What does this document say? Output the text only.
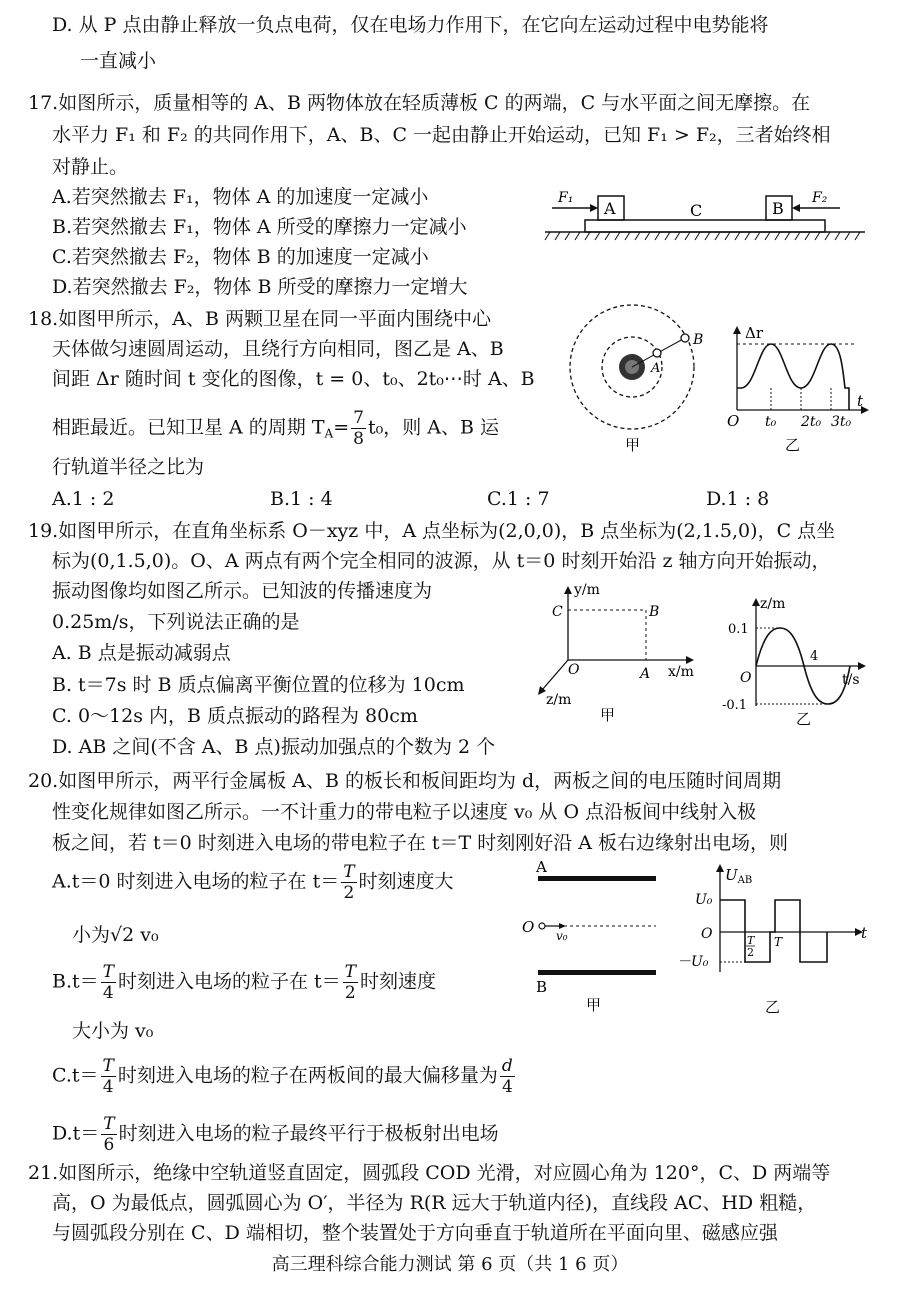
D. 从 P 点由静止释放一负点电荷，仅在电场力作用下，在它向左运动过程中电势能将
一直减小
17.如图所示，质量相等的 A、B 两物体放在轻质薄板 C 的两端，C 与水平面之间无摩擦。在
水平力 F₁ 和 F₂ 的共同作用下，A、B、C 一起由静止开始运动，已知 F₁ > F₂，三者始终相
对静止。
A.若突然撤去 F₁，物体 A 的加速度一定减小
B.若突然撤去 F₁，物体 A 所受的摩擦力一定减小
C.若突然撤去 F₂，物体 B 的加速度一定减小
D.若突然撤去 F₂，物体 B 所受的摩擦力一定增大
F₁	F₂
A	B
C
18.如图甲所示，A、B 两颗卫星在同一平面内围绕中心
天体做匀速圆周运动，且绕行方向相同，图乙是 A、B
间距 Δr 随时间 t 变化的图像，t = 0、t₀、2t₀⋯时 A、B
相距最近。已知卫星 A 的周期 $T_A= \frac{7}{8} t_0$，则 A、B 运
行轨道半径之比为
A.1 : 2	B.1 : 4	C.1 : 7	D.1 : 8
A
B
甲
Δr
t
O t₀ 2t₀ 3t₀
乙
19.如图甲所示，在直角坐标系 O－xyz 中，A 点坐标为(2,0,0)，B 点坐标为(2,1.5,0)，C 点坐
标为(0,1.5,0)。O、A 两点有两个完全相同的波源，从 t＝0 时刻开始沿 z 轴方向开始振动，
振动图像均如图乙所示。已知波的传播速度为
0.25m/s，下列说法正确的是
A. B 点是振动减弱点
B. t＝7s 时 B 质点偏离平衡位置的位移为 10cm
C. 0～12s 内，B 质点振动的路程为 80cm
D. AB 之间(不含 A、B 点)振动加强点的个数为 2 个
y/m
x/m
z/m
O	A
B
C
甲
z/m
t/s
O
0.1
-0.1
4
乙
20.如图甲所示，两平行金属板 A、B 的板长和板间距均为 d，两板之间的电压随时间周期
性变化规律如图乙所示。一不计重力的带电粒子以速度 v₀ 从 O 点沿板间中线射入极
板之间，若 t＝0 时刻进入电场的带电粒子在 t＝T 时刻刚好沿 A 板右边缘射出电场，则
A.t＝0 时刻进入电场的粒子在 $t= \frac{T}{2}$ 时刻速度大
小为√2 v₀
$B.t= \frac{T}{4}$ 时刻进入电场的粒子在 $t= \frac{T}{2}$ 时刻速度
大小为 v₀
$C.t= \frac{T}{4}$ 时刻进入电场的粒子在两板间的最大偏移量为 $\frac{d}{4}$
$D.t= \frac{T}{6}$ 时刻进入电场的粒子最终平行于极板射出电场
A
B
O v₀
甲
$U_{AB}$
t
U₀
－U₀
O	T
2
T
乙
21.如图所示，绝缘中空轨道竖直固定，圆弧段 COD 光滑，对应圆心角为 120°，C、D 两端等
高，O 为最低点，圆弧圆心为 O′，半径为 R(R 远大于轨道内径)，直线段 AC、HD 粗糙，
与圆弧段分别在 C、D 端相切，整个装置处于方向垂直于轨道所在平面向里、磁感应强
高三理科综合能力测试 第 6 页（共 1 6 页）
